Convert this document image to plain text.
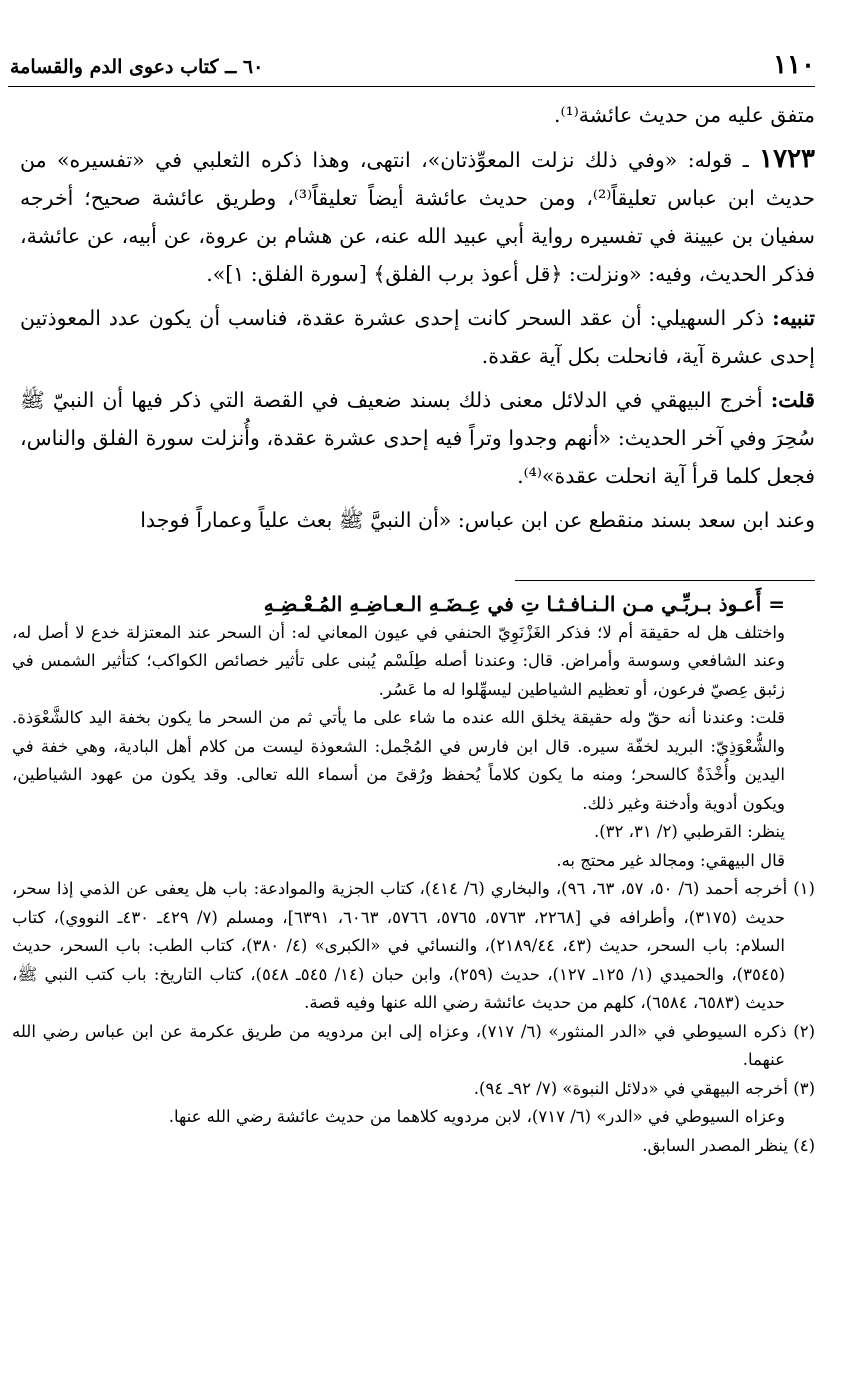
١١٠
٦٠ ــ كتاب دعوى الدم والقسامة

متفق عليه من حديث عائشة⁽¹⁾.

١٧٢٣ ـ قوله: «وفي ذلك نزلت المعوِّذتان»، انتهى، وهذا ذكره الثعلبي في «تفسيره» من حديث ابن عباس تعليقاً⁽²⁾، ومن حديث عائشة أيضاً تعليقاً⁽³⁾، وطريق عائشة صحيح؛ أخرجه سفيان بن عيينة في تفسيره رواية أبي عبيد الله عنه، عن هشام بن عروة، عن أبيه، عن عائشة، فذكر الحديث، وفيه: «ونزلت: ﴿قل أعوذ برب الفلق﴾ [سورة الفلق: ١]».

تنبيه: ذكر السهيلي: أن عقد السحر كانت إحدى عشرة عقدة، فناسب أن يكون عدد المعوذتين إحدى عشرة آية، فانحلت بكل آية عقدة.

قلت: أخرج البيهقي في الدلائل معنى ذلك بسند ضعيف في القصة التي ذكر فيها أن النبيّ ﷺ سُحِرَ وفي آخر الحديث: «أنهم وجدوا وتراً فيه إحدى عشرة عقدة، وأُنزلت سورة الفلق والناس، فجعل كلما قرأ آية انحلت عقدة»⁽⁴⁾.

وعند ابن سعد بسند منقطع عن ابن عباس: «أن النبيَّ ﷺ بعث علياً وعماراً فوجدا

= أَعـوذ بـربِّـي مـن الـنـافـثـا تِ في عِـضَـهِ الـعـاضِـهِ المُـعْـضِـهِ

واختلف هل له حقيقة أم لا؛ فذكر الغَزْنَوِيّ الحنفي في عيون المعاني له: أن السحر عند المعتزلة خدع لا أصل له، وعند الشافعي وسوسة وأمراض. قال: وعندنا أصله طِلَسْم يُبنى على تأثير خصائص الكواكب؛ كتأثير الشمس في زئبق عِصيّ فرعون، أو تعظيم الشياطين ليسهِّلوا له ما عَسُر.

قلت: وعندنا أنه حقّ وله حقيقة يخلق الله عنده ما شاء على ما يأتي ثم من السحر ما يكون بخفة اليد كالشَّعْوَذة. والشُّعْوَذِيّ: البريد لخفّة سيره. قال ابن فارس في المُجْمل: الشعوذة ليست من كلام أهل البادية، وهي خفة في اليدين وأُخْذَةٌ كالسحر؛ ومنه ما يكون كلاماً يُحفظ ورُقىً من أسماء الله تعالى. وقد يكون من عهود الشياطين، ويكون أدوية وأدخنة وغير ذلك.

ينظر: القرطبي (٢/ ٣١، ٣٢).

قال البيهقي: ومجالد غير محتج به.

(١) أخرجه أحمد (٦/ ٥٠، ٥٧، ٦٣، ٩٦)، والبخاري (٦/ ٤١٤)، كتاب الجزية والموادعة: باب هل يعفى عن الذمي إذا سحر، حديث (٣١٧٥)، وأطرافه في [٢٢٦٨، ٥٧٦٣، ٥٧٦٥، ٥٧٦٦، ٦٠٦٣، ٦٣٩١]، ومسلم (٧/ ٤٢٩ـ ٤٣٠ـ النووي)، كتاب السلام: باب السحر، حديث (٤٣، ٢١٨٩/٤٤)، والنسائي في «الكبرى» (٤/ ٣٨٠)، كتاب الطب: باب السحر، حديث (٣٥٤٥)، والحميدي (١/ ١٢٥ـ ١٢٧)، حديث (٢٥٩)، وابن حبان (١٤/ ٥٤٥ـ ٥٤٨)، كتاب التاريخ: باب كتب النبي ﷺ، حديث (٦٥٨٣، ٦٥٨٤)، كلهم من حديث عائشة رضي الله عنها وفيه قصة.

(٢) ذكره السيوطي في «الدر المنثور» (٦/ ٧١٧)، وعزاه إلى ابن مردويه من طريق عكرمة عن ابن عباس رضي الله عنهما.

(٣) أخرجه البيهقي في «دلائل النبوة» (٧/ ٩٢ـ ٩٤).

وعزاه السيوطي في «الدر» (٦/ ٧١٧)، لابن مردويه كلاهما من حديث عائشة رضي الله عنها.

(٤) ينظر المصدر السابق.
